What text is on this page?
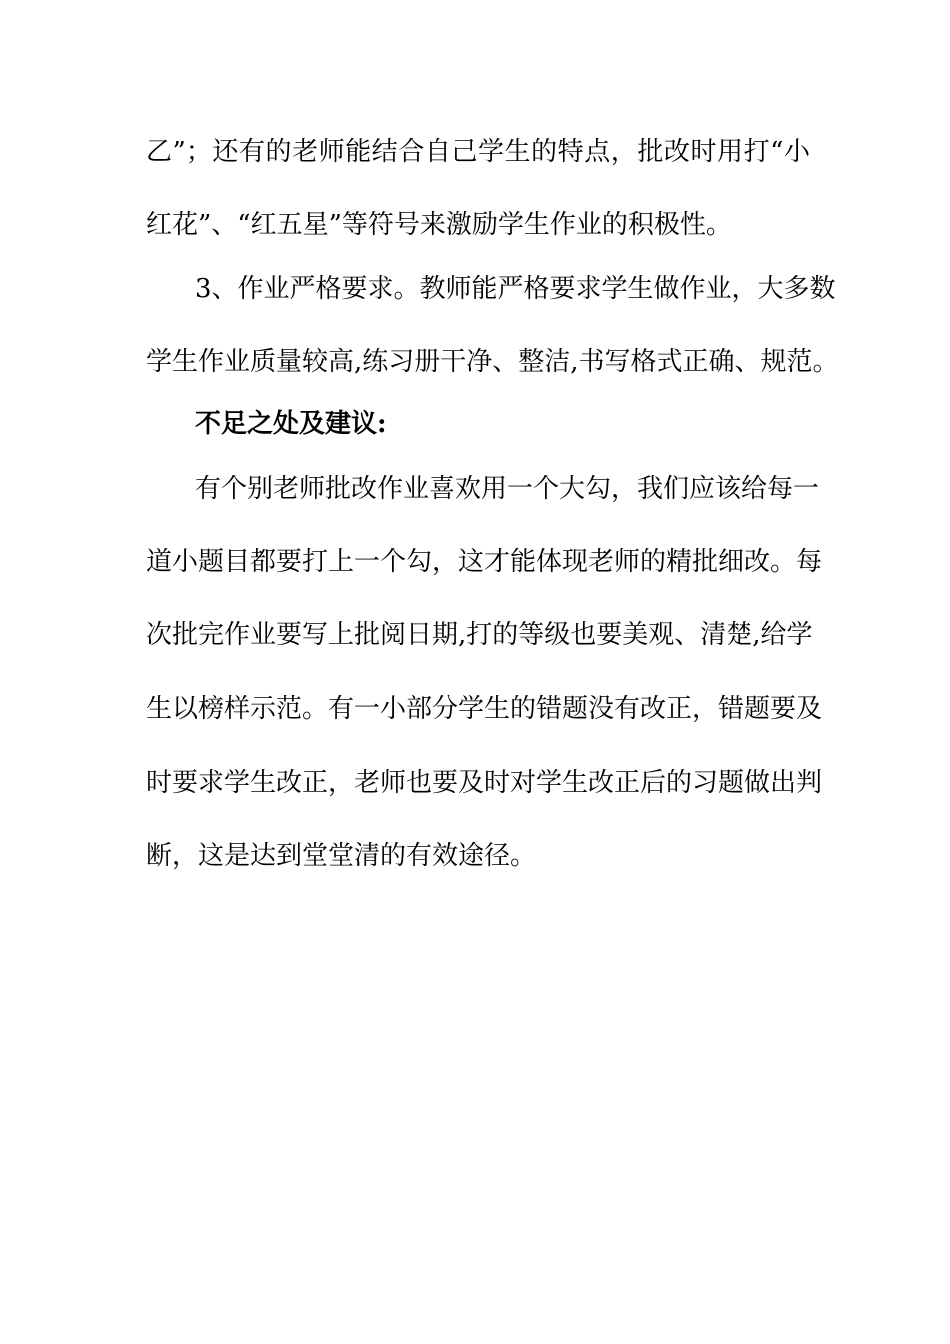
乙”；还有的老师能结合自己学生的特点，批改时用打“小
红花”、“红五星”等符号来激励学生作业的积极性。
3、作业严格要求。教师能严格要求学生做作业，大多数
学生作业质量较高,练习册干净、整洁,书写格式正确、规范。
不足之处及建议:
有个别老师批改作业喜欢用一个大勾，我们应该给每一
道小题目都要打上一个勾，这才能体现老师的精批细改。每
次批完作业要写上批阅日期,打的等级也要美观、清楚,给学
生以榜样示范。有一小部分学生的错题没有改正，错题要及
时要求学生改正，老师也要及时对学生改正后的习题做出判
断，这是达到堂堂清的有效途径。
